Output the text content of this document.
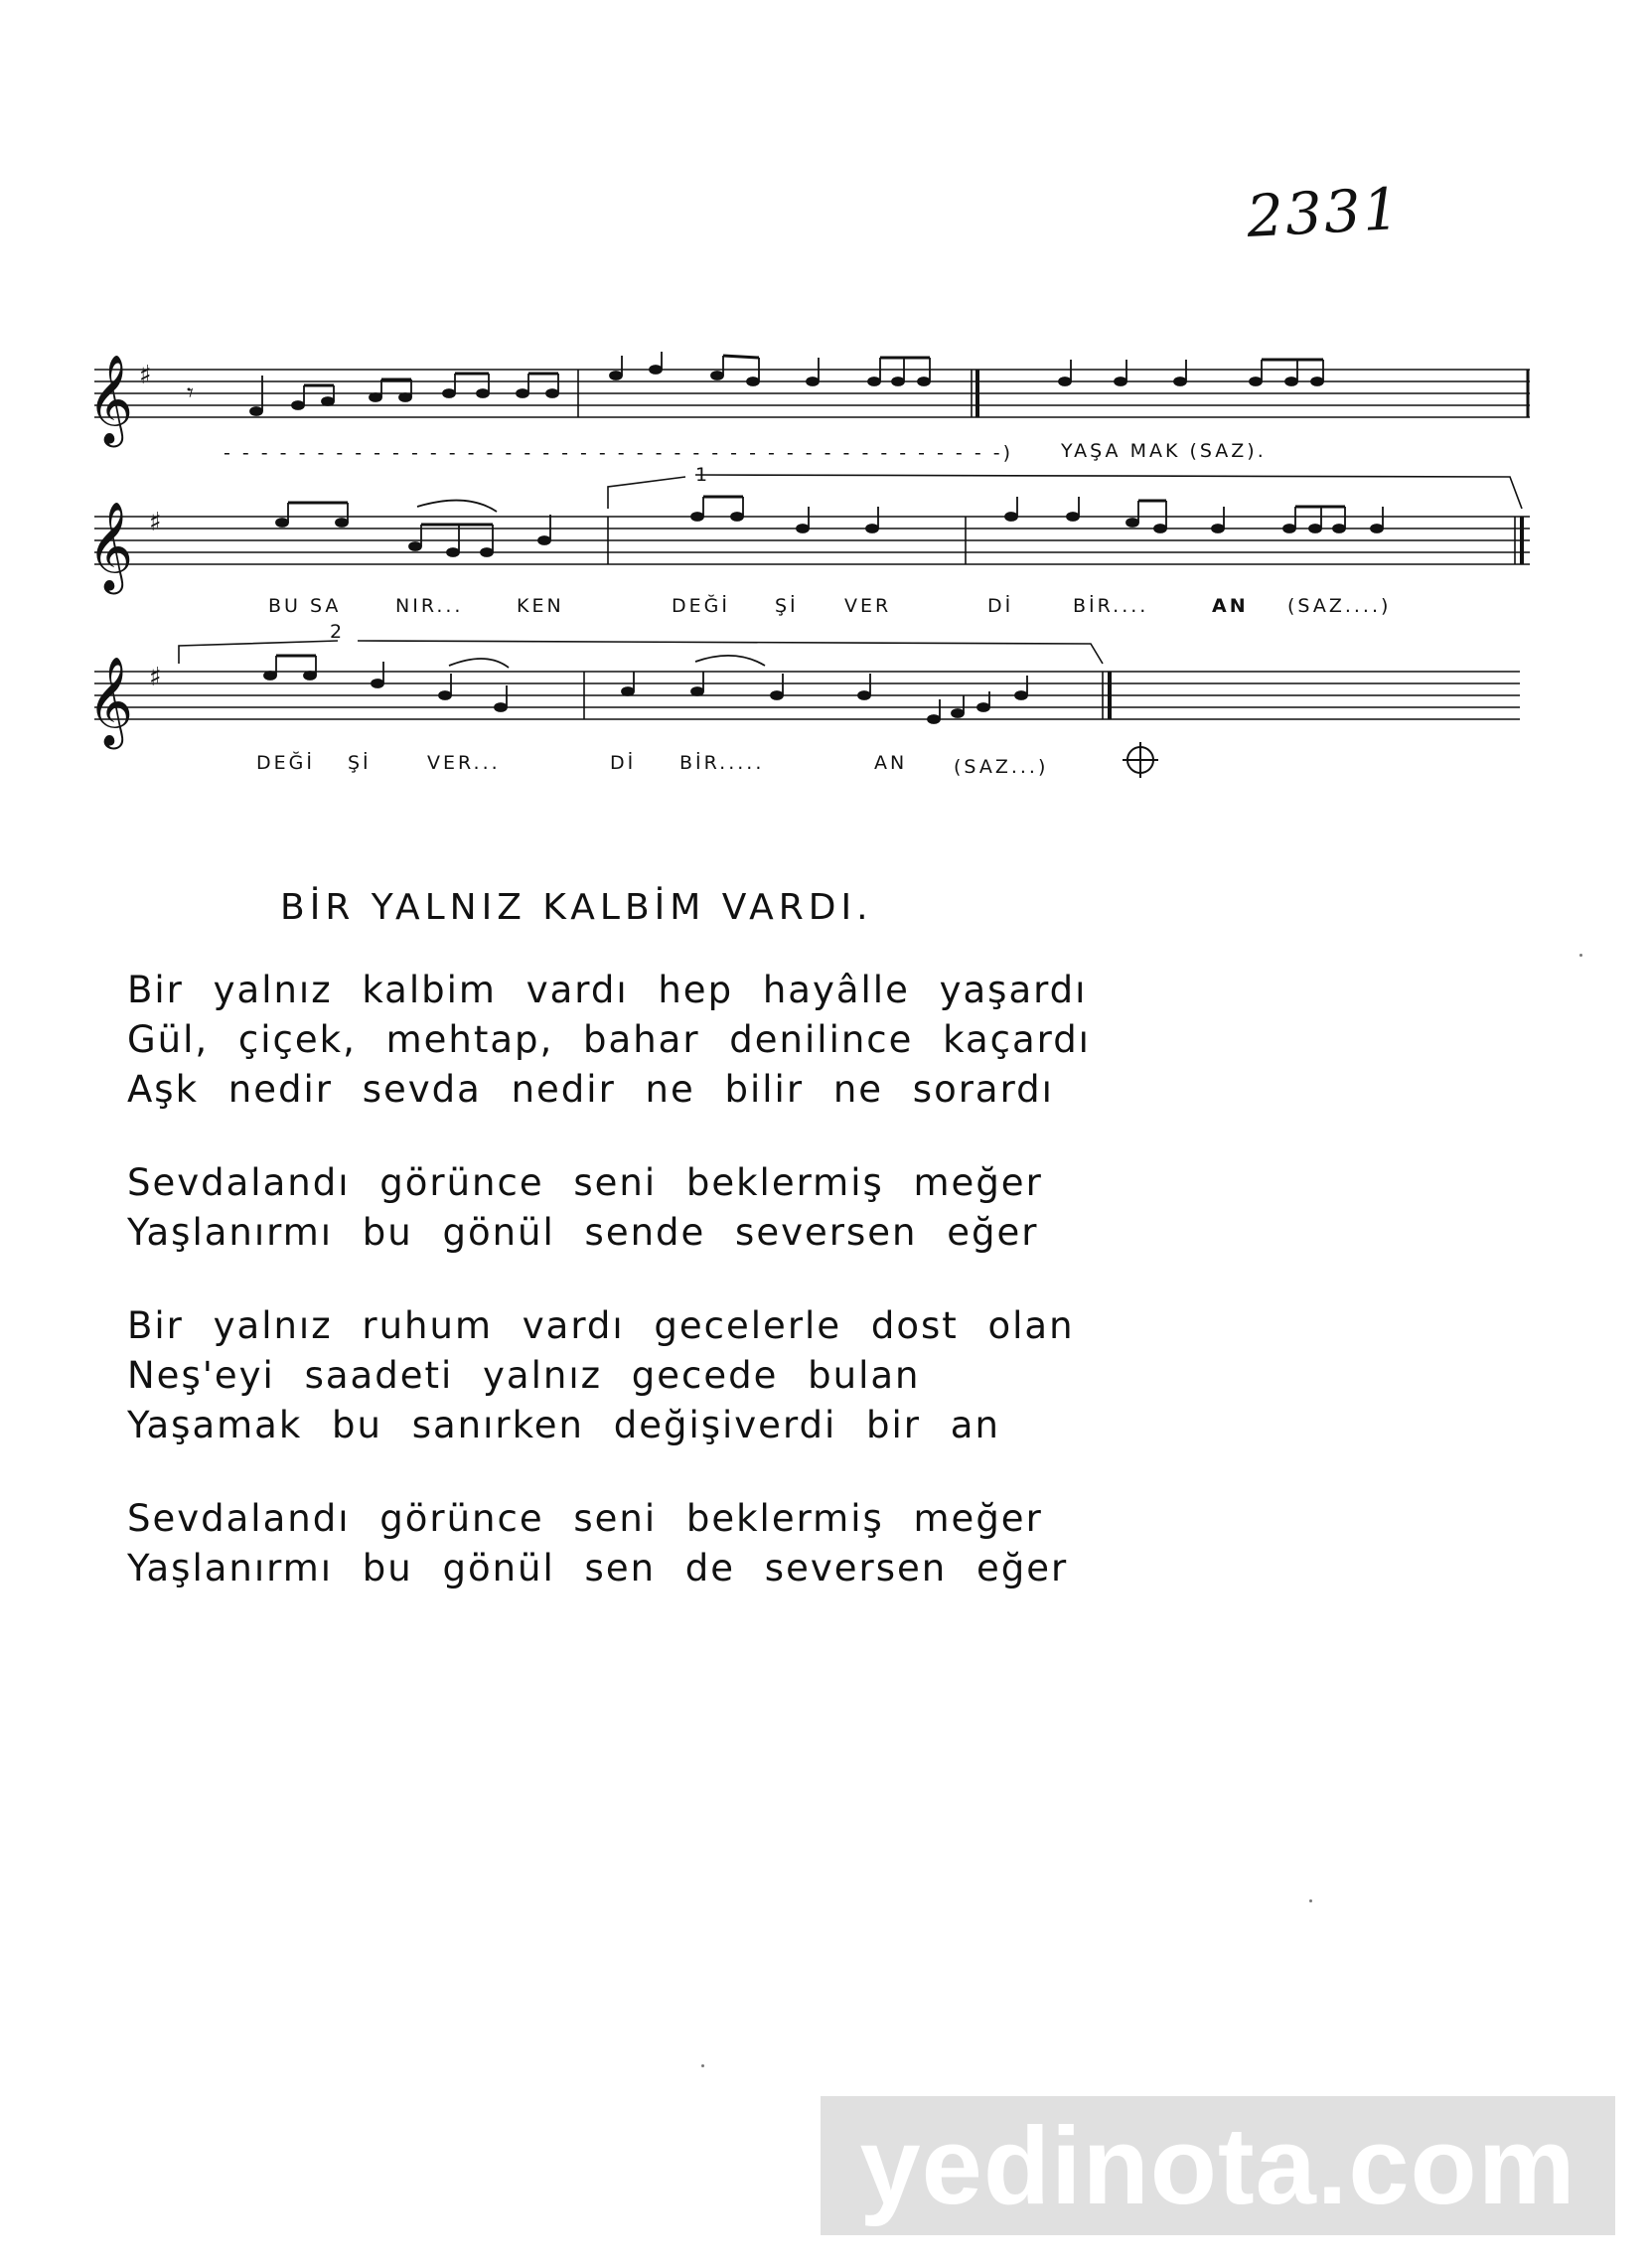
2331
𝄞
𝄞
𝄞
♯
♯
♯
𝄾
- - - - - - - - - - - - - - - - - - - - - - - - - - - - - - - - - - - - - - - - - -)	YAŞA MAK (SAZ).
1
BU SA	NIR...	KEN	DEĞİ Şİ VER	Dİ	BİR....	AN (SAZ....)
2
DEĞİ Şİ	VER...	Dİ BİR.....	AN (SAZ...)
BİR YALNIZ KALBİM VARDI.
Bir yalnız kalbim vardı hep hayâlle yaşardı
Gül, çiçek, mehtap, bahar denilince kaçardı
Aşk nedir sevda nedir ne bilir ne sorardı
Sevdalandı görünce seni beklermiş meğer
Yaşlanırmı bu gönül sende seversen eğer
Bir yalnız ruhum vardı gecelerle dost olan
Neş'eyi saadeti yalnız gecede bulan
Yaşamak bu sanırken değişiverdi bir an
Sevdalandı görünce seni beklermiş meğer
Yaşlanırmı bu gönül sen de seversen eğer
yedinota.com
